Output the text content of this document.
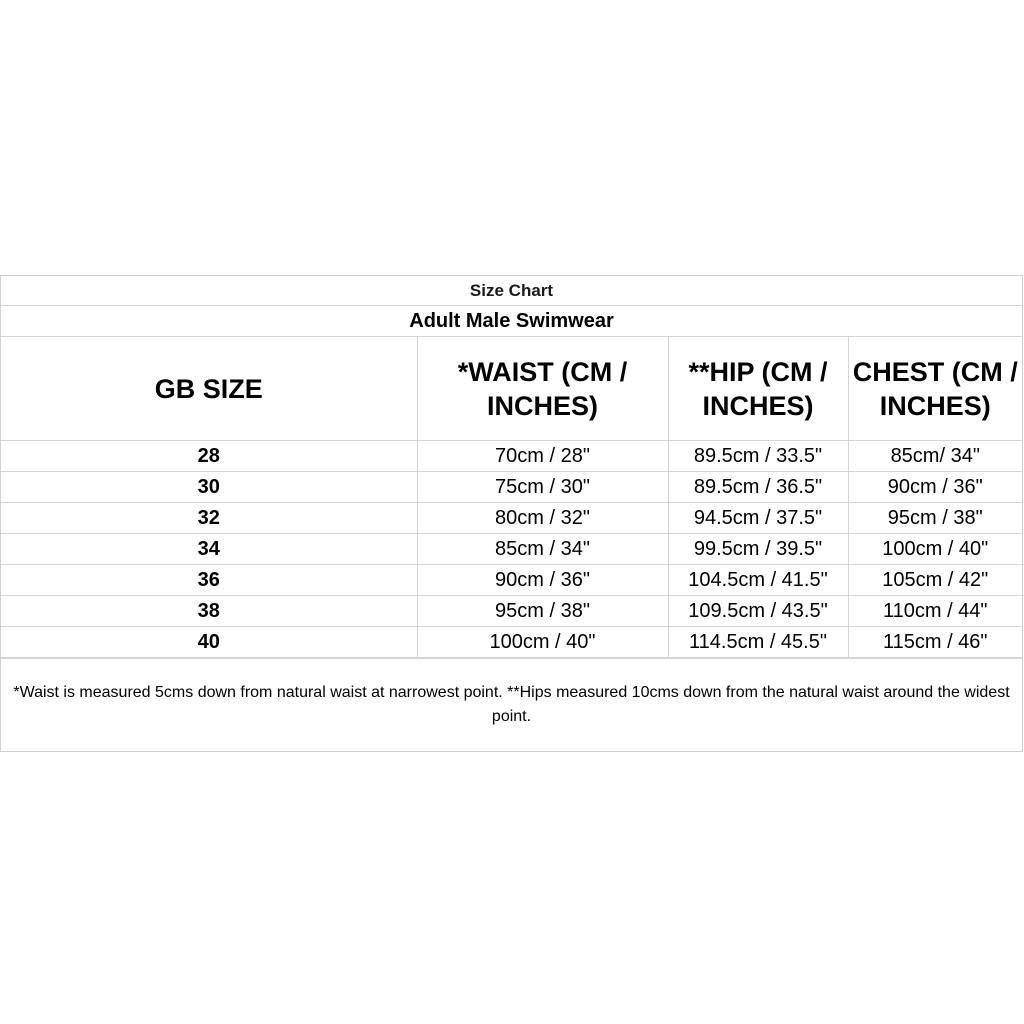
Size Chart
Adult Male Swimwear
GB SIZE	*WAIST (CM / INCHES)	**HIP (CM / INCHES)	CHEST (CM / INCHES)
28	70cm / 28"	89.5cm / 33.5"	85cm/ 34"
30	75cm / 30"	89.5cm / 36.5"	90cm / 36"
32	80cm / 32"	94.5cm / 37.5"	95cm / 38"
34	85cm / 34"	99.5cm / 39.5"	100cm / 40"
36	90cm / 36"	104.5cm / 41.5"	105cm / 42"
38	95cm / 38"	109.5cm / 43.5"	110cm / 44"
40	100cm / 40"	114.5cm / 45.5"	115cm / 46"
*Waist is measured 5cms down from natural waist at narrowest point. **Hips measured 10cms down from the natural waist around the widest point.
